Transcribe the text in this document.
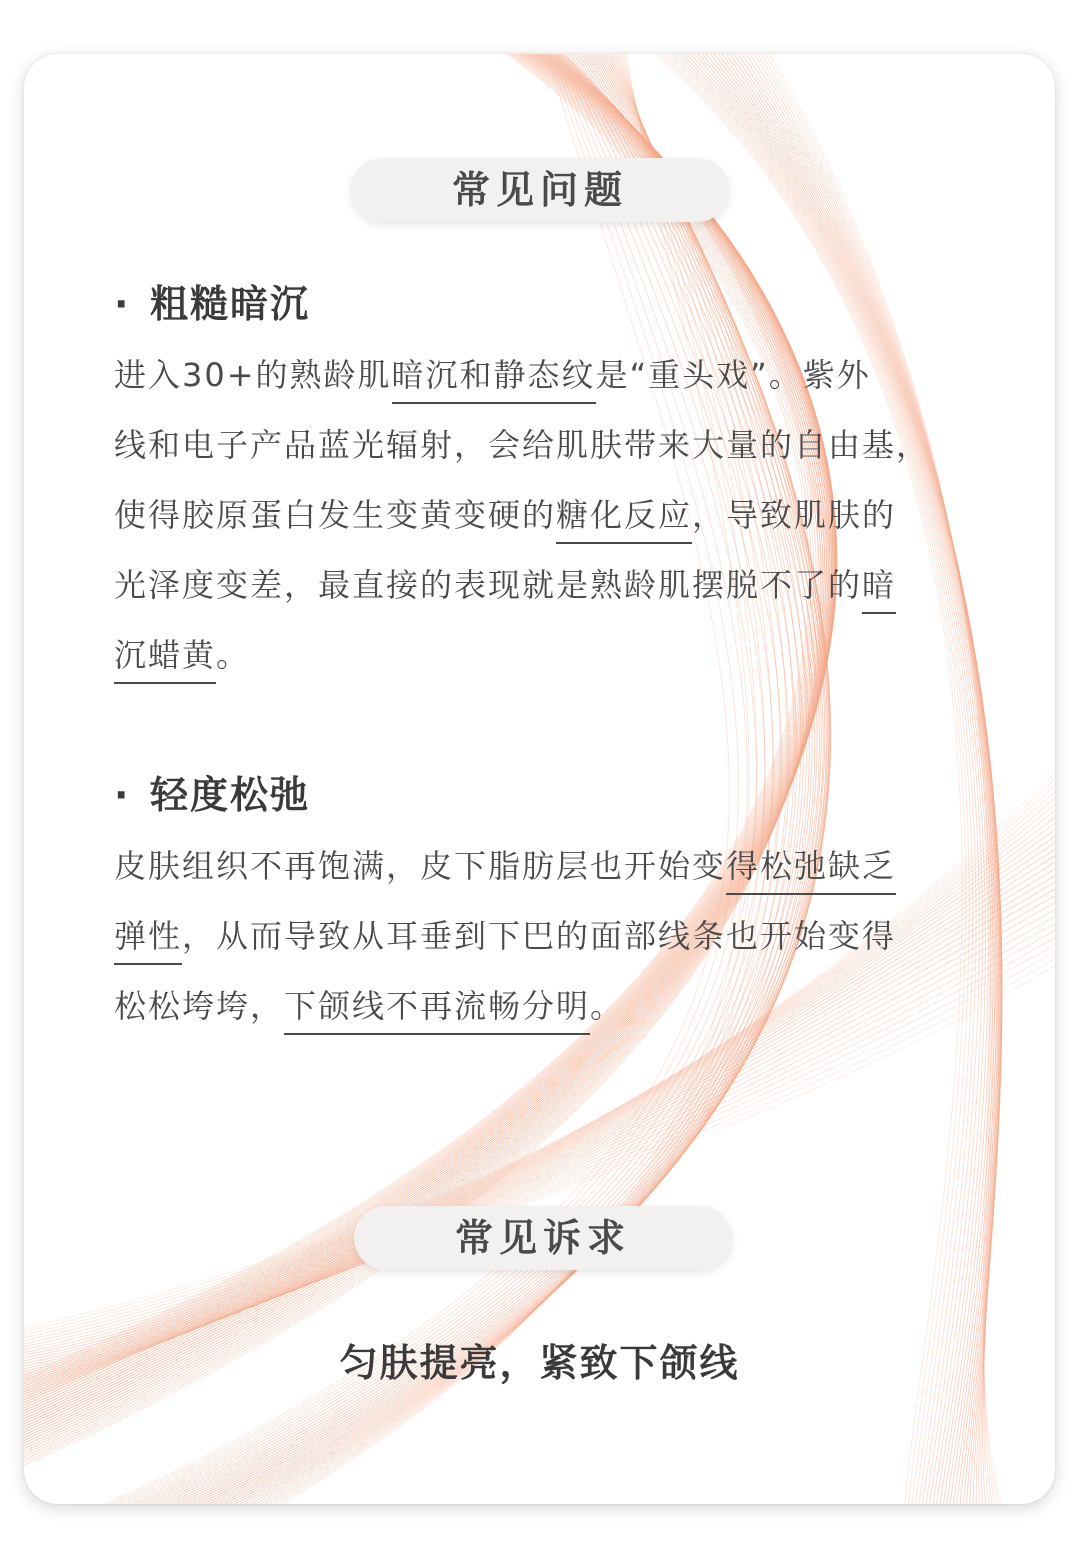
常见问题
· 粗糙暗沉
进入30+的熟龄肌暗沉和静态纹是“重头戏”。紫外
线和电子产品蓝光辐射，会给肌肤带来大量的自由基，
使得胶原蛋白发生变黄变硬的糖化反应，导致肌肤的
光泽度变差，最直接的表现就是熟龄肌摆脱不了的暗
沉蜡黄。
· 轻度松弛
皮肤组织不再饱满，皮下脂肪层也开始变得松弛缺乏
弹性，从而导致从耳垂到下巴的面部线条也开始变得
松松垮垮，下颌线不再流畅分明。
常见诉求
匀肤提亮，紧致下颌线
